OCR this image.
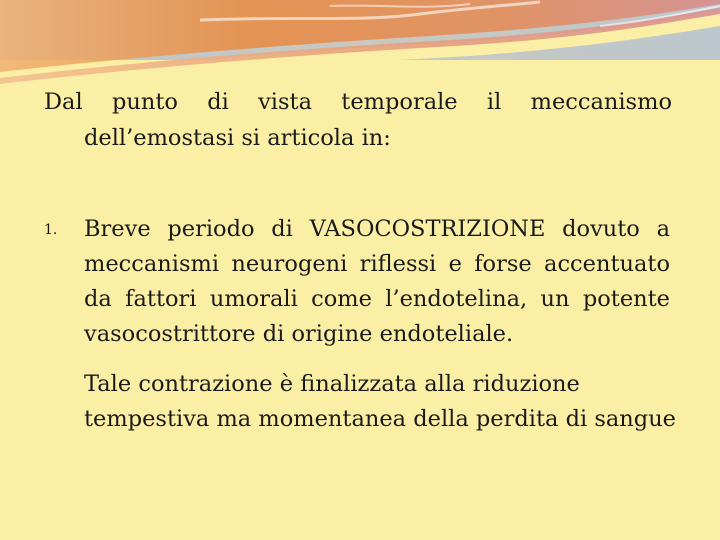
Dal punto di vista temporale il meccanismo
dell’emostasi si articola in:
1. Breve periodo di VASOCOSTRIZIONE dovuto a meccanismi neurogeni riflessi e forse accentuato da fattori umorali come l’endotelina, un potente vasocostrittore di origine endoteliale.
Tale contrazione è finalizzata alla riduzione
tempestiva ma momentanea della perdita di sangue
